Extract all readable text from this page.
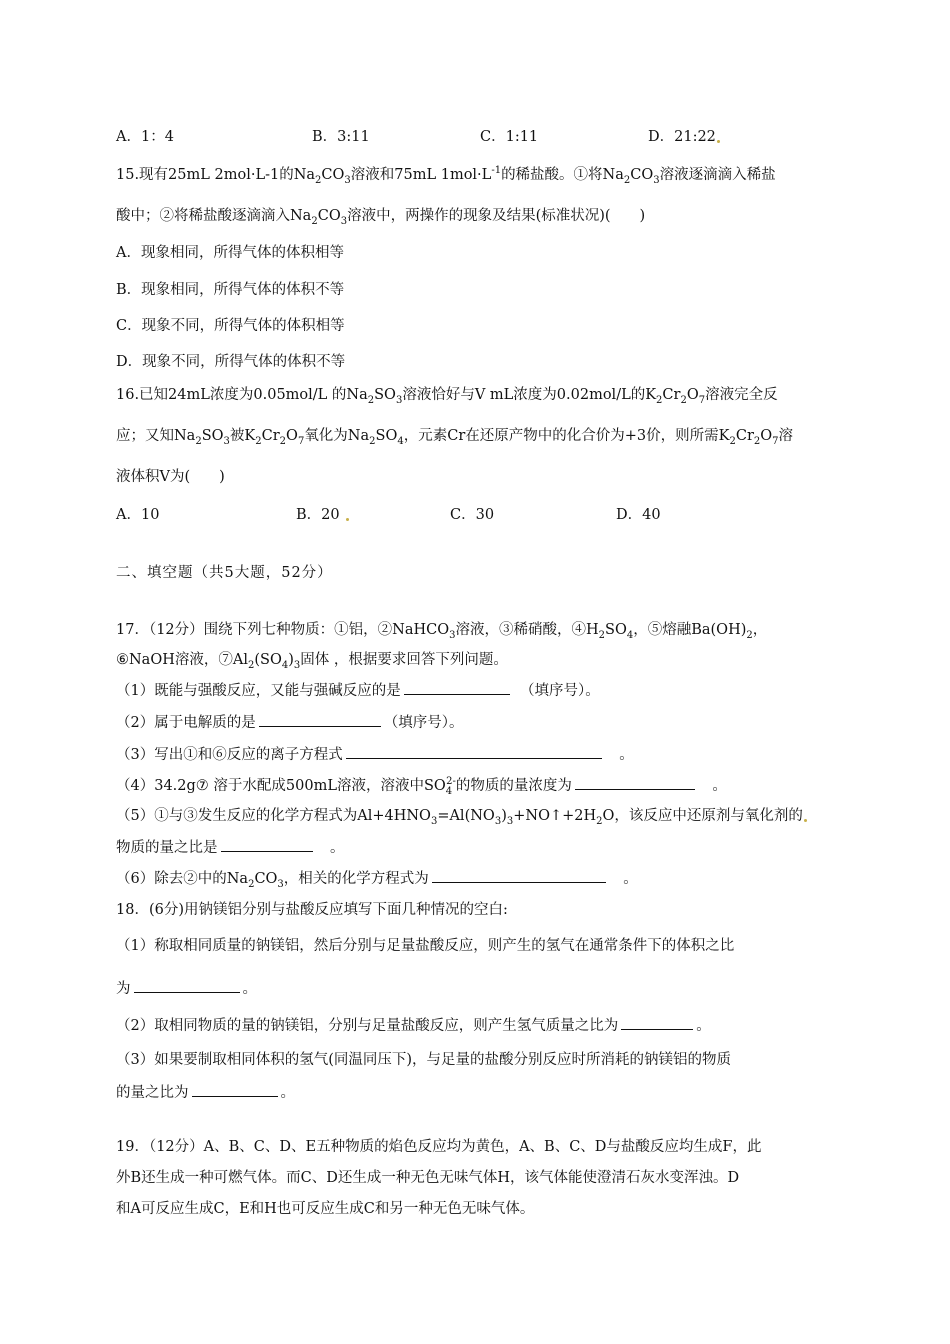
A．1：4	B．3:11	C．1:11	D．21:22
15.现有25mL 2mol·L-1的$Na_2CO_3$溶液和75mL $1mol\cdot L^{-1}$的稀盐酸。①将$Na_2CO_3$溶液逐滴滴入稀盐
酸中；②将稀盐酸逐滴滴入$Na_2CO_3$溶液中，两操作的现象及结果(标准状况)(　　)
A．现象相同，所得气体的体积相等
B．现象相同，所得气体的体积不等
C．现象不同，所得气体的体积相等
D．现象不同，所得气体的体积不等
16.已知24mL浓度为0.05mol/L 的$Na_2SO_3$溶液恰好与V mL浓度为0.02mol/L的$K_2Cr_2O_7$溶液完全反
应；又知$Na_2SO_3$被$K_2Cr_2O_7$氧化为$Na_2SO_4$，元素Cr在还原产物中的化合价为+3价，则所需$K_2Cr_2O_7$溶
液体积V为(　　)
A．10	B．20	C．30	D．40
二、填空题（共5大题，52分）
17．（12分）围绕下列七种物质：①铝，②NaHCO$_3$溶液，③稀硝酸，$④H_2SO_4$，⑤熔融$Ba(OH)_2$，
⑥NaOH溶液，$⑦Al_2(SO_4)_3$固体 ，根据要求回答下列问题。
（1）既能与强酸反应，又能与强碱反应的是　	（填序号）。
（2）属于电解质的是	（填序号）。
（3）写出①和⑥反应的离子方程式　	。
（4）34.2g⑦ 溶于水配成500mL溶液，溶液中$SO_4^{2-}$的物质的量浓度为　	。
（5）①与③发生反应的化学方程式为$Al+4HNO_3=Al(NO_3)_3+NO↑+2H_2O$，该反应中还原剂与氧化剂的
物质的量之比是　	。
（6）除去②中的$Na_2CO_3$，相关的化学方程式为　	。
18．(6分)用钠镁铝分别与盐酸反应填写下面几种情况的空白:
（1）称取相同质量的钠镁铝，然后分别与足量盐酸反应，则产生的氢气在通常条件下的体积之比
为	。
（2）取相同物质的量的钠镁铝，分别与足量盐酸反应，则产生氢气质量之比为	。
（3）如果要制取相同体积的氢气(同温同压下)，与足量的盐酸分别反应时所消耗的钠镁铝的物质
的量之比为	。
19．（12分）A、B、C、D、E五种物质的焰色反应均为黄色，A、B、C、D与盐酸反应均生成F，此
外B还生成一种可燃气体。而C、D还生成一种无色无味气体H，该气体能使澄清石灰水变浑浊。D
和A可反应生成C，E和H也可反应生成C和另一种无色无味气体。
